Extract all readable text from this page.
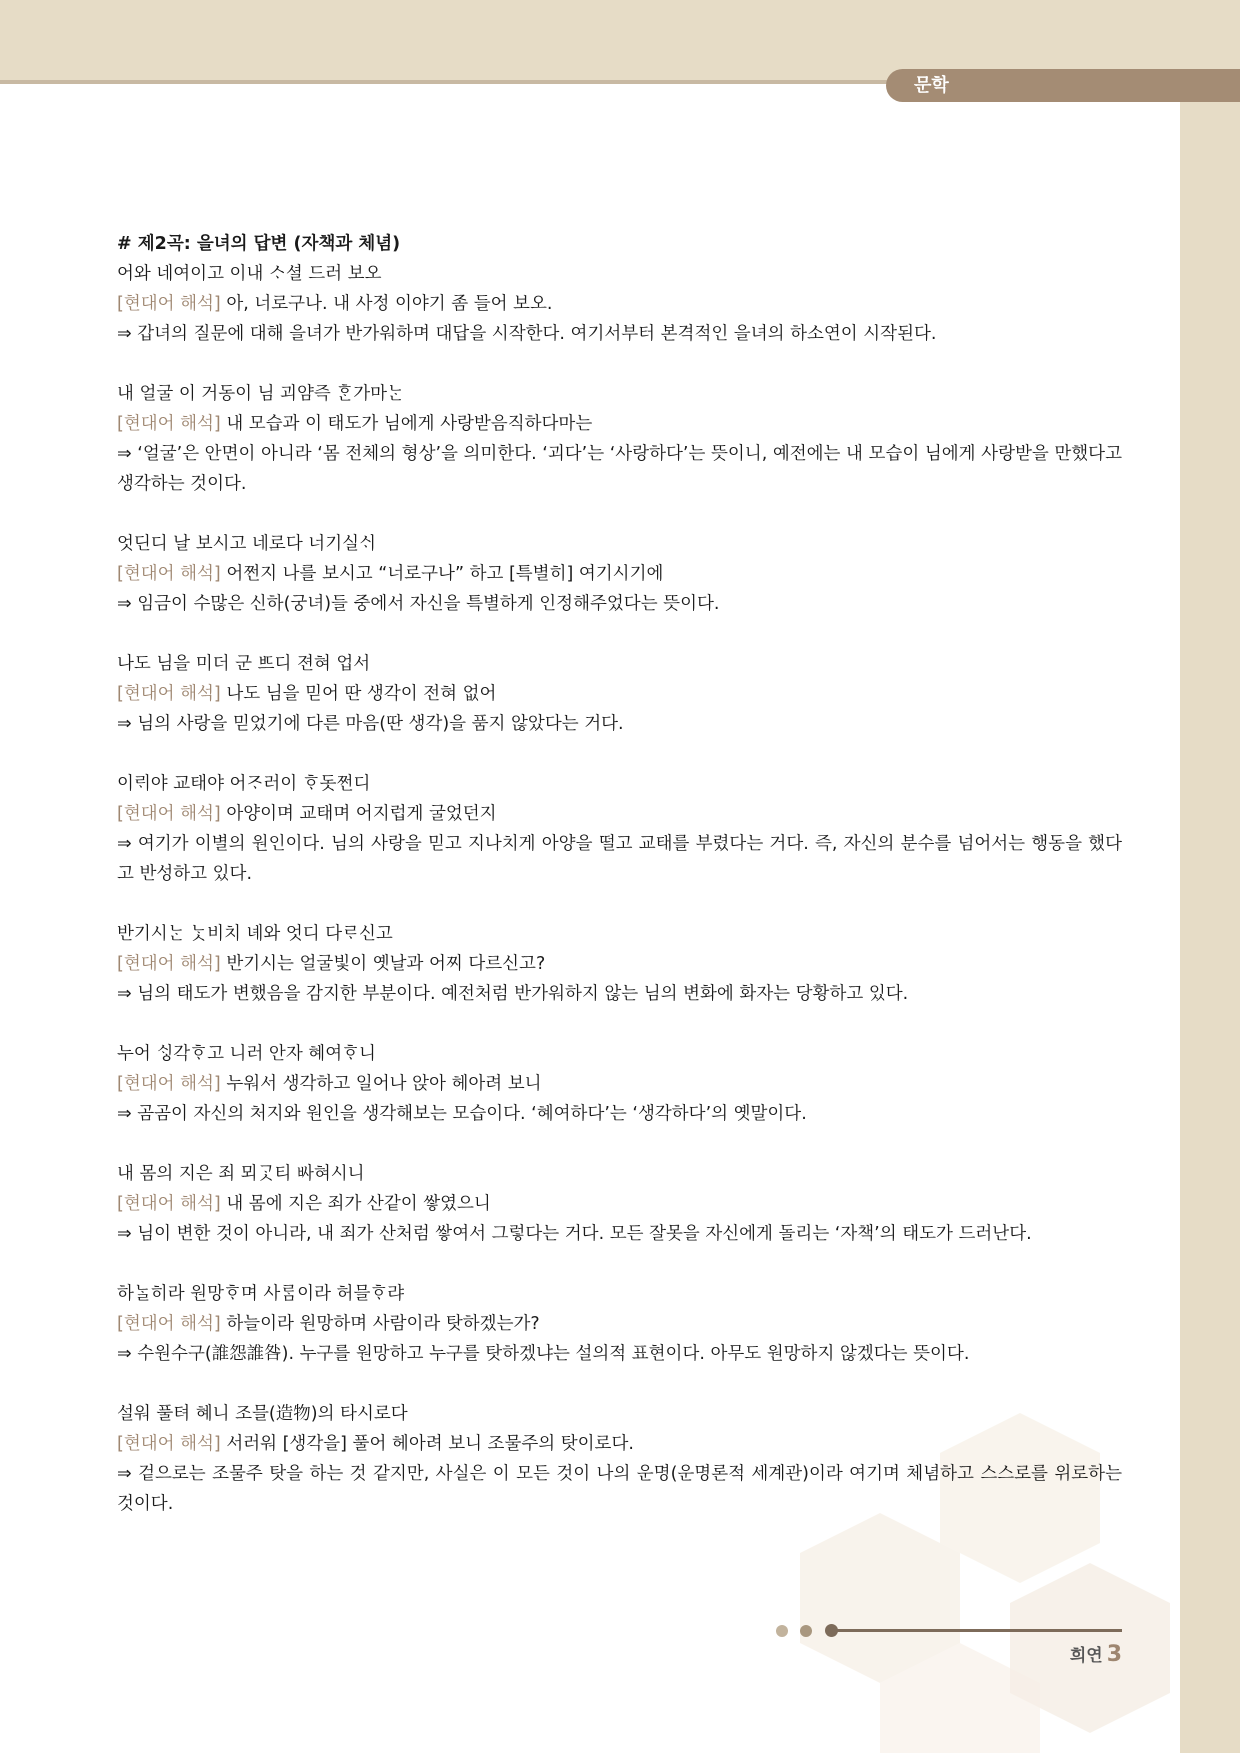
문학

# 제2곡: 을녀의 답변 (자책과 체념)

어와 네여이고 이내 ᄉᆞ셜 드러 보오

[현대어 해석] 아, 너로구나. 내 사정 이야기 좀 들어 보오.

⇒ 갑녀의 질문에 대해 을녀가 반가워하며 대답을 시작한다. 여기서부터 본격적인 을녀의 하소연이 시작된다.

내 얼굴 이 거동이 님 괴얌즉 ᄒᆞᆫ가마ᄂᆞᆫ

[현대어 해석] 내 모습과 이 태도가 님에게 사랑받음직하다마는

⇒ ‘얼굴’은 안면이 아니라 ‘몸 전체의 형상’을 의미한다. ‘괴다’는 ‘사랑하다’는 뜻이니, 예전에는 내 모습이 님에게 사랑받을 만했다고 생각하는 것이다.

엇딘디 날 보시고 네로다 너기실ᄉᆡ

[현대어 해석] 어쩐지 나를 보시고 “너로구나” 하고 [특별히] 여기시기에

⇒ 임금이 수많은 신하(궁녀)들 중에서 자신을 특별하게 인정해주었다는 뜻이다.

나도 님을 미더 군 ᄠᅳ디 젼혀 업서

[현대어 해석] 나도 님을 믿어 딴 생각이 전혀 없어

⇒ 님의 사랑을 믿었기에 다른 마음(딴 생각)을 품지 않았다는 거다.

이ᄅᆡ야 교태야 어ᄌᆞ러이 ᄒᆞ돗쩐디

[현대어 해석] 아양이며 교태며 어지럽게 굴었던지

⇒ 여기가 이별의 원인이다. 님의 사랑을 믿고 지나치게 아양을 떨고 교태를 부렸다는 거다. 즉, 자신의 분수를 넘어서는 행동을 했다고 반성하고 있다.

반기시ᄂᆞᆫ ᄂᆞᆺ비치 녜와 엇디 다ᄅᆞ신고

[현대어 해석] 반기시는 얼굴빛이 옛날과 어찌 다르신고?

⇒ 님의 태도가 변했음을 감지한 부분이다. 예전처럼 반가워하지 않는 님의 변화에 화자는 당황하고 있다.

누어 ᄉᆡᇰ각ᄒᆞ고 니러 안자 혜여ᄒᆞ니

[현대어 해석] 누워서 생각하고 일어나 앉아 헤아려 보니

⇒ 곰곰이 자신의 처지와 원인을 생각해보는 모습이다. ‘혜여하다’는 ‘생각하다’의 옛말이다.

내 몸의 지은 죄 뫼ᄀᆞᆺ티 ᄡᅡ혀시니

[현대어 해석] 내 몸에 지은 죄가 산같이 쌓였으니

⇒ 님이 변한 것이 아니라, 내 죄가 산처럼 쌓여서 그렇다는 거다. 모든 잘못을 자신에게 돌리는 ‘자책’의 태도가 드러난다.

하ᄂᆞᆯ히라 원망ᄒᆞ며 사ᄅᆞᆷ이라 허믈ᄒᆞ랴

[현대어 해석] 하늘이라 원망하며 사람이라 탓하겠는가?

⇒ 수원수구(誰怨誰咎). 누구를 원망하고 누구를 탓하겠냐는 설의적 표현이다. 아무도 원망하지 않겠다는 뜻이다.

설워 풀텨 혜니 조믈(造物)의 타시로다

[현대어 해석] 서러워 [생각을] 풀어 헤아려 보니 조물주의 탓이로다.

⇒ 겉으로는 조물주 탓을 하는 것 같지만, 사실은 이 모든 것이 나의 운명(운명론적 세계관)이라 여기며 체념하고 스스로를 위로하는 것이다.

희연 3
